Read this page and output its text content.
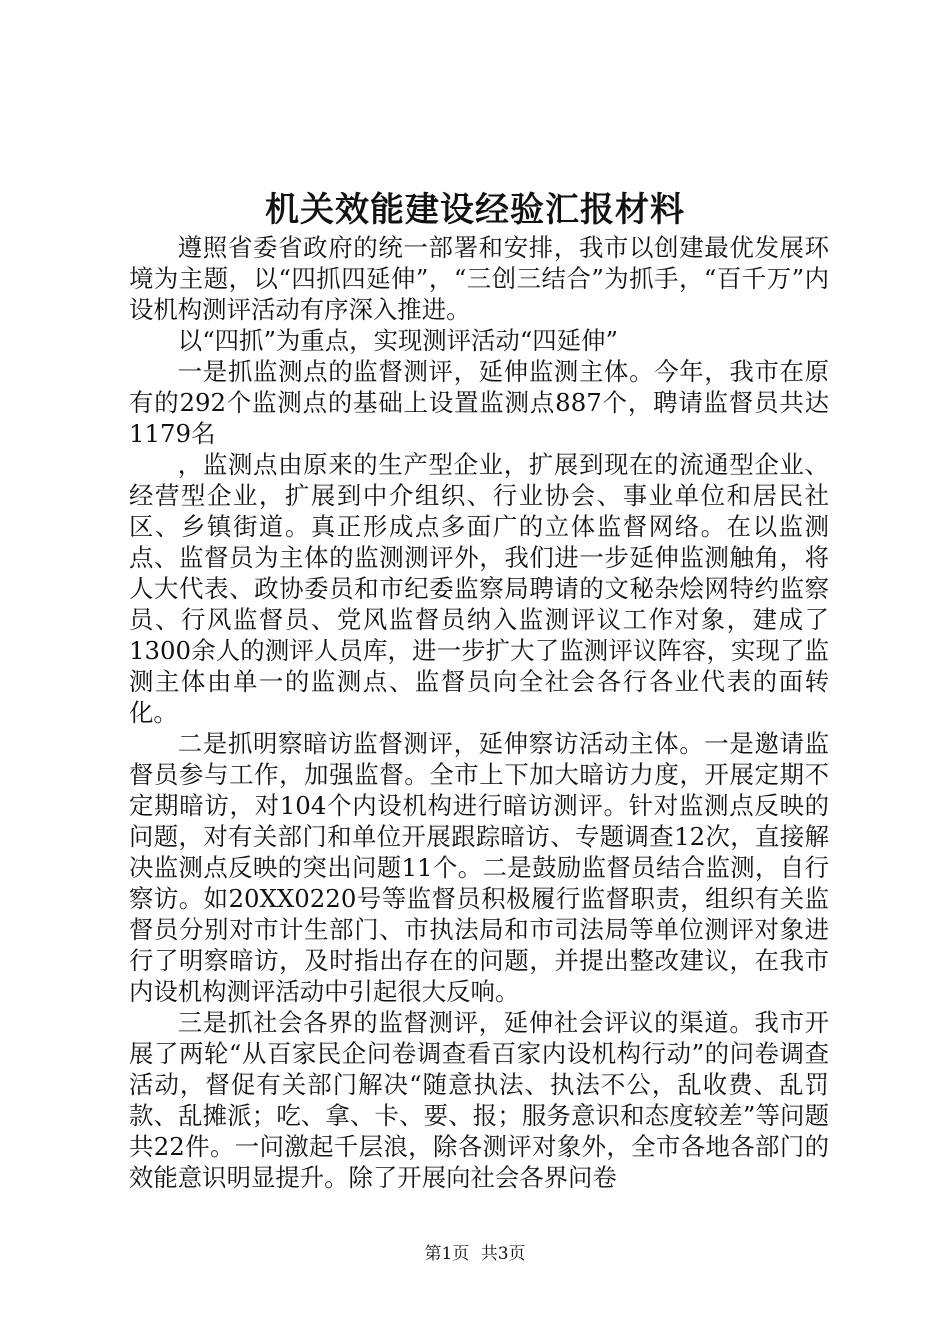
机关效能建设经验汇报材料

遵照省委省政府的统一部署和安排，我市以创建最优发展环境为主题，以“四抓四延伸”，“三创三结合”为抓手，“百千万”内设机构测评活动有序深入推进。

以“四抓”为重点，实现测评活动“四延伸”

一是抓监测点的监督测评，延伸监测主体。今年，我市在原有的292个监测点的基础上设置监测点887个，聘请监督员共达1179名

，监测点由原来的生产型企业，扩展到现在的流通型企业、经营型企业，扩展到中介组织、行业协会、事业单位和居民社区、乡镇街道。真正形成点多面广的立体监督网络。在以监测点、监督员为主体的监测测评外，我们进一步延伸监测触角，将人大代表、政协委员和市纪委监察局聘请的文秘杂烩网特约监察员、行风监督员、党风监督员纳入监测评议工作对象，建成了1300余人的测评人员库，进一步扩大了监测评议阵容，实现了监测主体由单一的监测点、监督员向全社会各行各业代表的面转化。

二是抓明察暗访监督测评，延伸察访活动主体。一是邀请监督员参与工作，加强监督。全市上下加大暗访力度，开展定期不定期暗访，对104个内设机构进行暗访测评。针对监测点反映的问题，对有关部门和单位开展跟踪暗访、专题调查12次，直接解决监测点反映的突出问题11个。二是鼓励监督员结合监测，自行察访。如20XX0220号等监督员积极履行监督职责，组织有关监督员分别对市计生部门、市执法局和市司法局等单位测评对象进行了明察暗访，及时指出存在的问题，并提出整改建议，在我市内设机构测评活动中引起很大反响。

三是抓社会各界的监督测评，延伸社会评议的渠道。我市开展了两轮“从百家民企问卷调查看百家内设机构行动”的问卷调查活动，督促有关部门解决“随意执法、执法不公，乱收费、乱罚款、乱摊派；吃、拿、卡、要、报；服务意识和态度较差”等问题共22件。一问激起千层浪，除各测评对象外，全市各地各部门的效能意识明显提升。除了开展向社会各界问卷

第1页 共3页
